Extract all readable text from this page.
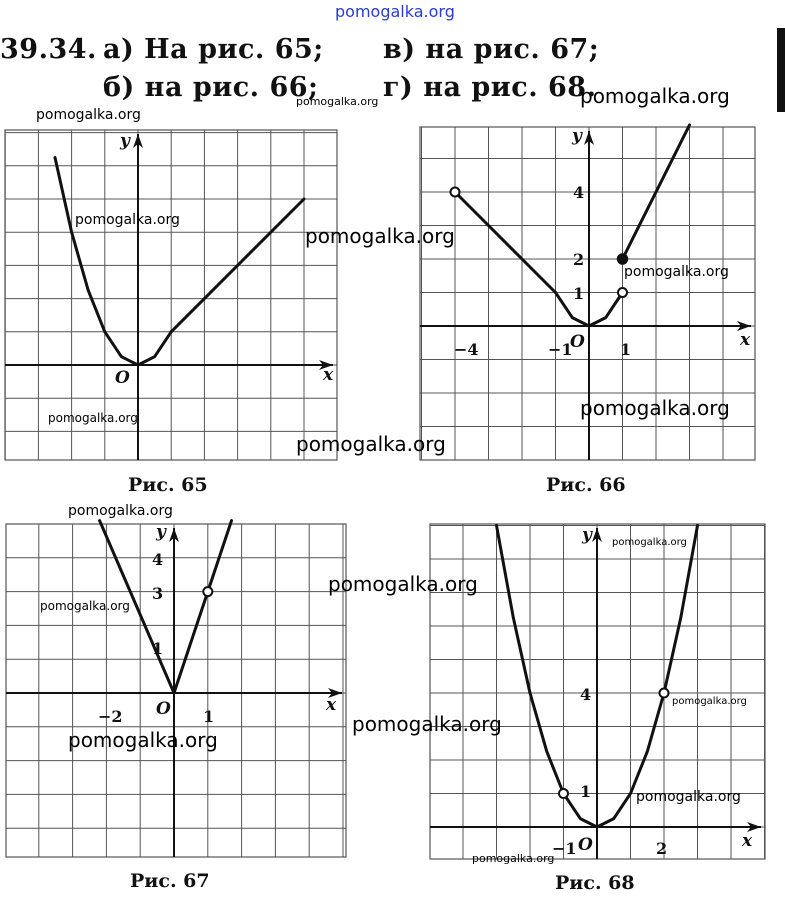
pomogalka.org
39.34. а) На рис. 65;
б) на рис. 66;
в) на рис. 67;
г) на рис. 68.
x
y
O
x
y
O
−4	−1	1
1
2
4
x
y
O
−2	1
1
3
4
x
y
O
−1	2
1
4
Рис. 65	Рис. 66
Рис. 67	Рис. 68
pomogalka.org	pomogalka.org
pomogalka.org
pomogalka.org
pomogalka.org
pomogalka.org
pomogalka.org
pomogalka.org
pomogalka.org
pomogalka.org
pomogalka.org
pomogalka.org
pomogalka.org
pomogalka.org
pomogalka.org
pomogalka.org
pomogalka.org
pomogalka.org
